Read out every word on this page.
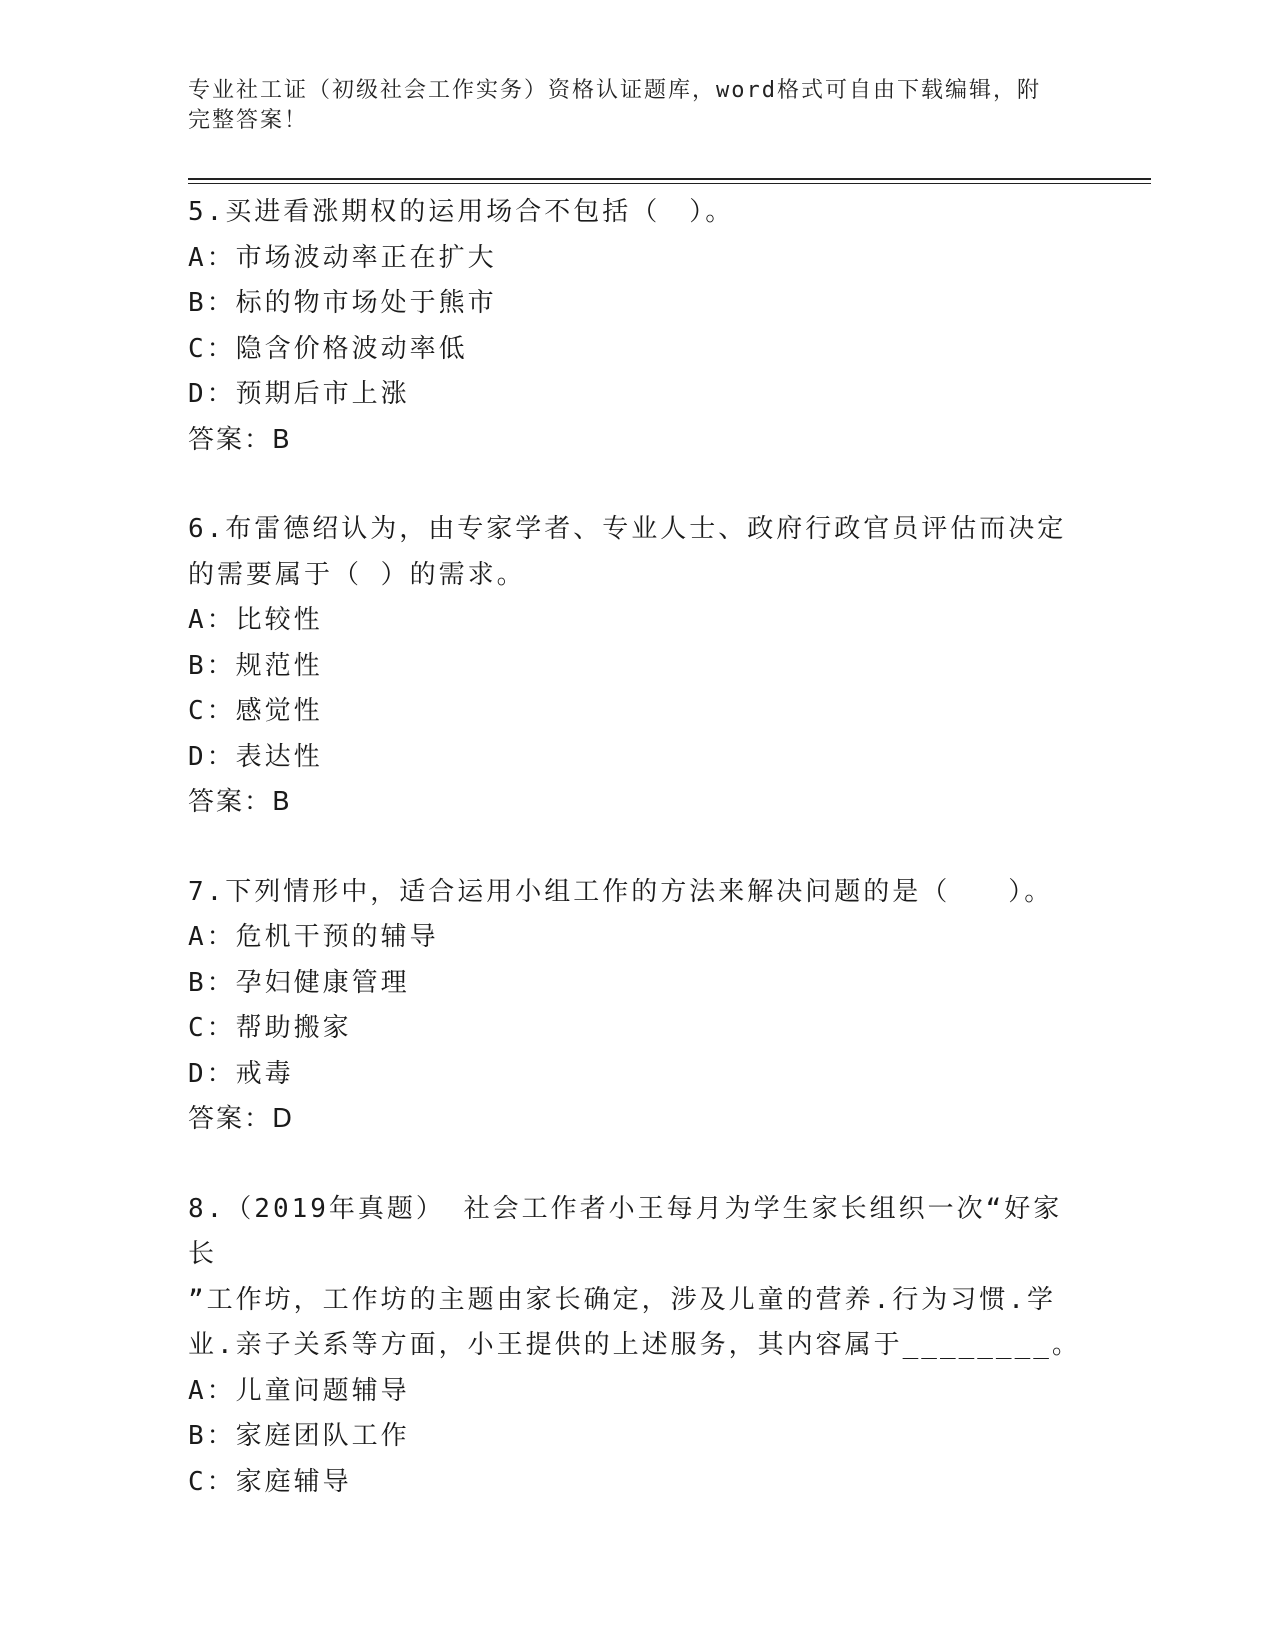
专业社工证（初级社会工作实务）资格认证题库，word格式可自由下载编辑，附
完整答案！
5.买进看涨期权的运用场合不包括（　）。
A：市场波动率正在扩大
B：标的物市场处于熊市
C：隐含价格波动率低
D：预期后市上涨
答案：B
6.布雷德绍认为，由专家学者、专业人士、政府行政官员评估而决定
的需要属于（ ）的需求。
A：比较性
B：规范性
C：感觉性
D：表达性
答案：B
7.下列情形中，适合运用小组工作的方法来解决问题的是（　　）。
A：危机干预的辅导
B：孕妇健康管理
C：帮助搬家
D：戒毒
答案：D
8.（2019年真题） 社会工作者小王每月为学生家长组织一次“好家长
”工作坊，工作坊的主题由家长确定，涉及儿童的营养.行为习惯.学
业.亲子关系等方面，小王提供的上述服务，其内容属于________。
A：儿童问题辅导
B：家庭团队工作
C：家庭辅导
